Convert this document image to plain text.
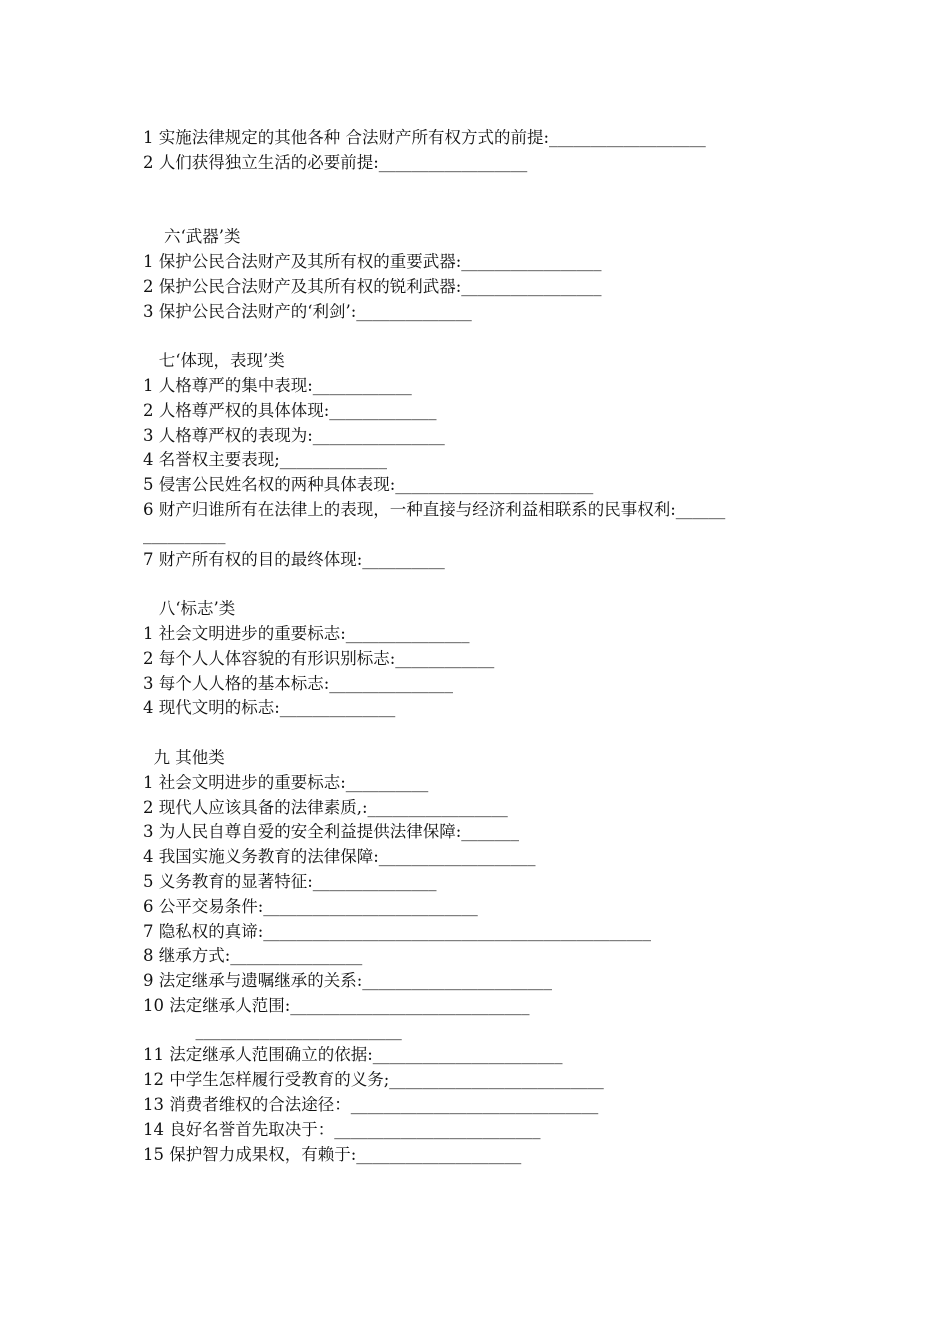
1 实施法律规定的其他各种 合法财产所有权方式的前提:___________________
2 人们获得独立生活的必要前提:__________________
六‘武器’类
1 保护公民合法财产及其所有权的重要武器:_________________
2 保护公民合法财产及其所有权的锐利武器:_________________
3 保护公民合法财产的‘利剑’:______________
七‘体现，表现’类
1 人格尊严的集中表现:____________
2 人格尊严权的具体体现:_____________
3 人格尊严权的表现为:________________
4 名誉权主要表现;_____________
5 侵害公民姓名权的两种具体表现:________________________
6 财产归谁所有在法律上的表现，一种直接与经济利益相联系的民事权利:______
__________
7 财产所有权的目的最终体现:__________
八‘标志’类
1 社会文明进步的重要标志:_______________
2 每个人人体容貌的有形识别标志:____________
3 每个人人格的基本标志:_______________
4 现代文明的标志:______________
九 其他类
1 社会文明进步的重要标志:__________
2 现代人应该具备的法律素质,:_________________
3 为人民自尊自爱的安全利益提供法律保障:_______
4 我国实施义务教育的法律保障:___________________
5 义务教育的显著特征:_______________
6 公平交易条件:__________________________
7 隐私权的真谛:_______________________________________________
8 继承方式:________________
9 法定继承与遗嘱继承的关系:_______________________
10 法定继承人范围:_____________________________
_________________________
11 法定继承人范围确立的依据:_______________________
12 中学生怎样履行受教育的义务;__________________________
13 消费者维权的合法途径：______________________________
14 良好名誉首先取决于：_________________________
15 保护智力成果权，有赖于:____________________
